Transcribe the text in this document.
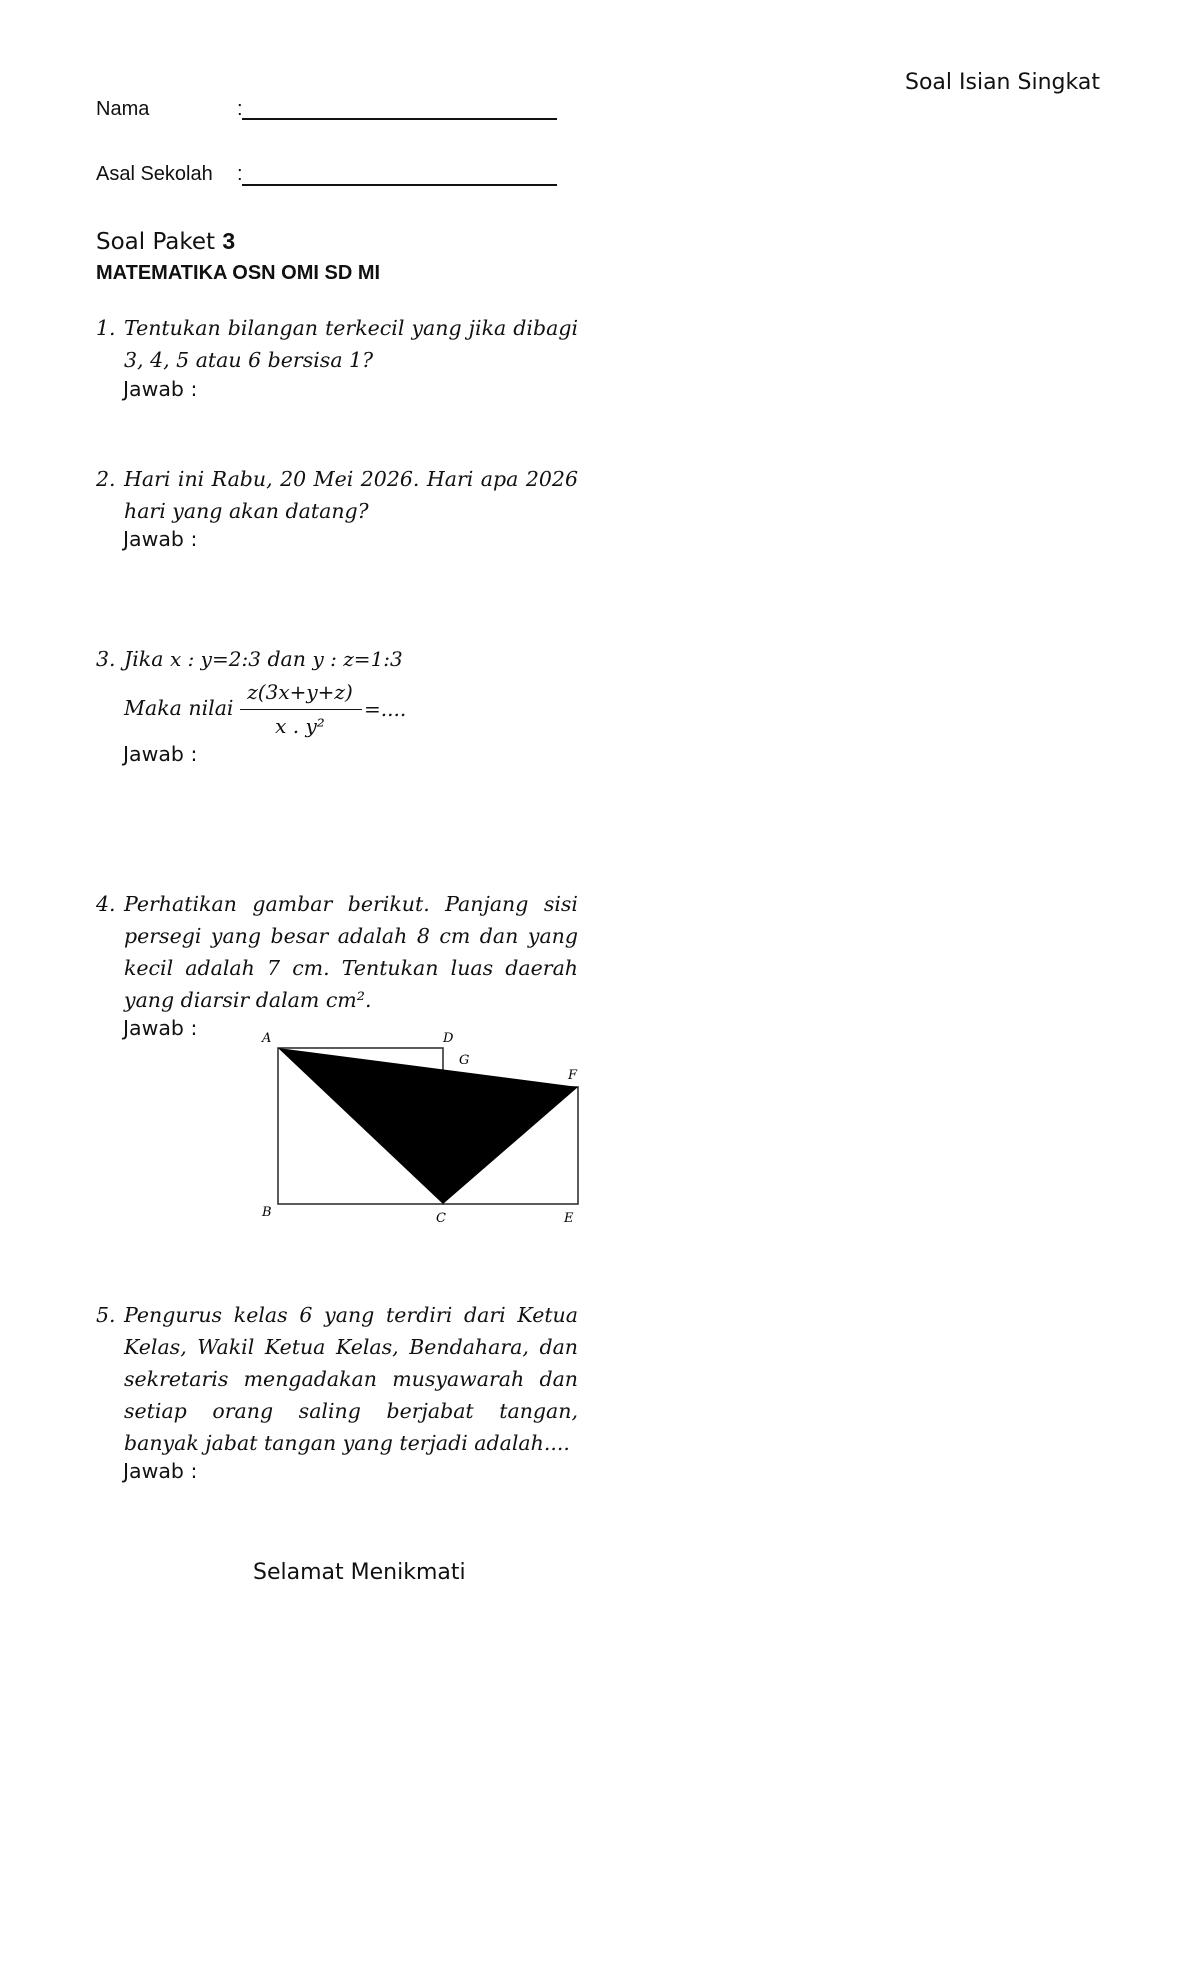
Soal Isian Singkat
Nama	:
Asal Sekolah :
Soal Paket 3
MATEMATIKA OSN OMI SD MI
1. Tentukan bilangan terkecil yang jika dibagi 3, 4, 5 atau 6 bersisa 1?
Jawab :
2. Hari ini Rabu, 20 Mei 2026. Hari apa 2026 hari yang akan datang?
Jawab :
3. Jika x : y=2:3 dan y : z=1:3
Maka nilai
z(3x+y+z)
x . y²
=....
Jawab :
4. Perhatikan gambar berikut. Panjang sisi persegi yang besar adalah 8 cm dan yang kecil adalah 7 cm. Tentukan luas daerah yang diarsir dalam cm².
Jawab :	A	D
G
F
B	C	E
5. Pengurus kelas 6 yang terdiri dari Ketua Kelas, Wakil Ketua Kelas, Bendahara, dan sekretaris mengadakan musyawarah dan setiap orang saling berjabat tangan, banyak jabat tangan yang terjadi adalah....
Jawab :
Selamat Menikmati
